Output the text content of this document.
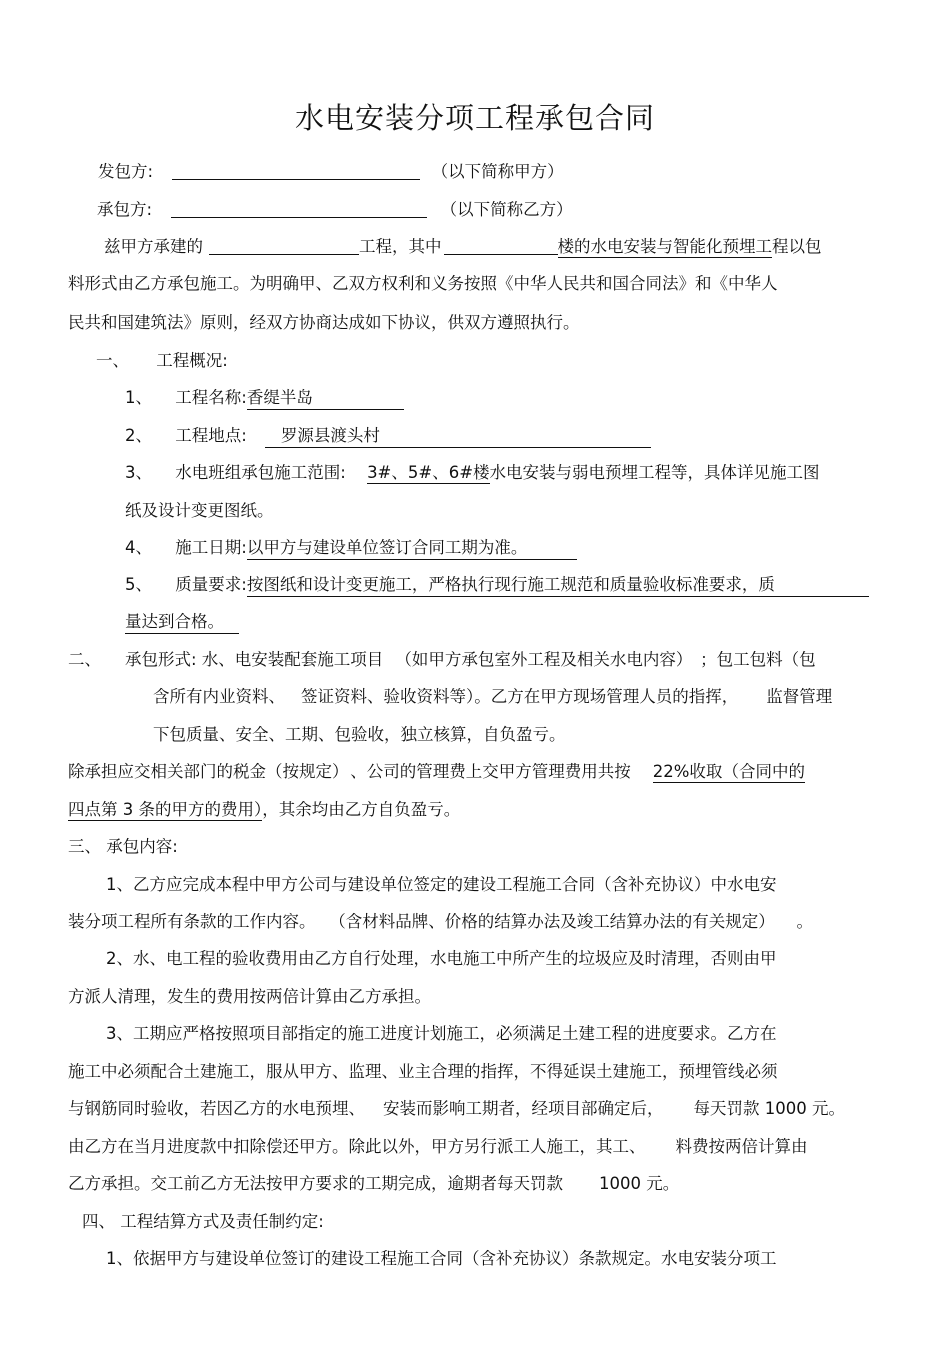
水电安装分项工程承包合同
发包方:	（以下简称甲方）
承包方:	（以下简称乙方）
兹甲方承建的	工程，其中	楼的水电安装与智能化预埋工程以包
料形式由乙方承包施工。为明确甲、乙双方权利和义务按照《中华人民共和国合同法》和《中华人
民共和国建筑法》原则，经双方协商达成如下协议，供双方遵照执行。
一、 工程概况:
1、 工程名称:香缇半岛
2、 工程地点: 罗源县渡头村
3、 水电班组承包施工范围: 3#、5#、6#楼水电安装与弱电预埋工程等，具体详见施工图
纸及设计变更图纸。
4、 施工日期:以甲方与建设单位签订合同工期为准。
5、 质量要求:按图纸和设计变更施工，严格执行现行施工规范和质量验收标准要求，质
量达到合格。
二、 承包形式: 水、电安装配套施工项目 （如甲方承包室外工程及相关水电内容） ；包工包料（包
含所有内业资料、 签证资料、验收资料等）。乙方在甲方现场管理人员的指挥， 监督管理
下包质量、安全、工期、包验收，独立核算，自负盈亏。
除承担应交相关部门的税金（按规定） 、公司的管理费上交甲方管理费用共按 22%收取（合同中的
四点第 3 条的甲方的费用），其余均由乙方自负盈亏。
三、 承包内容:
1、乙方应完成本程中甲方公司与建设单位签定的建设工程施工合同（含补充协议）中水电安
装分项工程所有条款的工作内容。 （含材料品牌、价格的结算办法及竣工结算办法的有关规定） 。
2、水、电工程的验收费用由乙方自行处理，水电施工中所产生的垃圾应及时清理，否则由甲
方派人清理，发生的费用按两倍计算由乙方承担。
3、工期应严格按照项目部指定的施工进度计划施工，必须满足土建工程的进度要求。乙方在
施工中必须配合土建施工，服从甲方、监理、业主合理的指挥，不得延误土建施工，预埋管线必须
与钢筋同时验收，若因乙方的水电预埋、 安装而影响工期者，经项目部确定后， 每天罚款 1000 元。
由乙方在当月进度款中扣除偿还甲方。除此以外，甲方另行派工人施工，其工、 料费按两倍计算由
乙方承担。交工前乙方无法按甲方要求的工期完成，逾期者每天罚款 1000 元。
四、 工程结算方式及责任制约定:
1、依据甲方与建设单位签订的建设工程施工合同（含补充协议）条款规定。水电安装分项工
